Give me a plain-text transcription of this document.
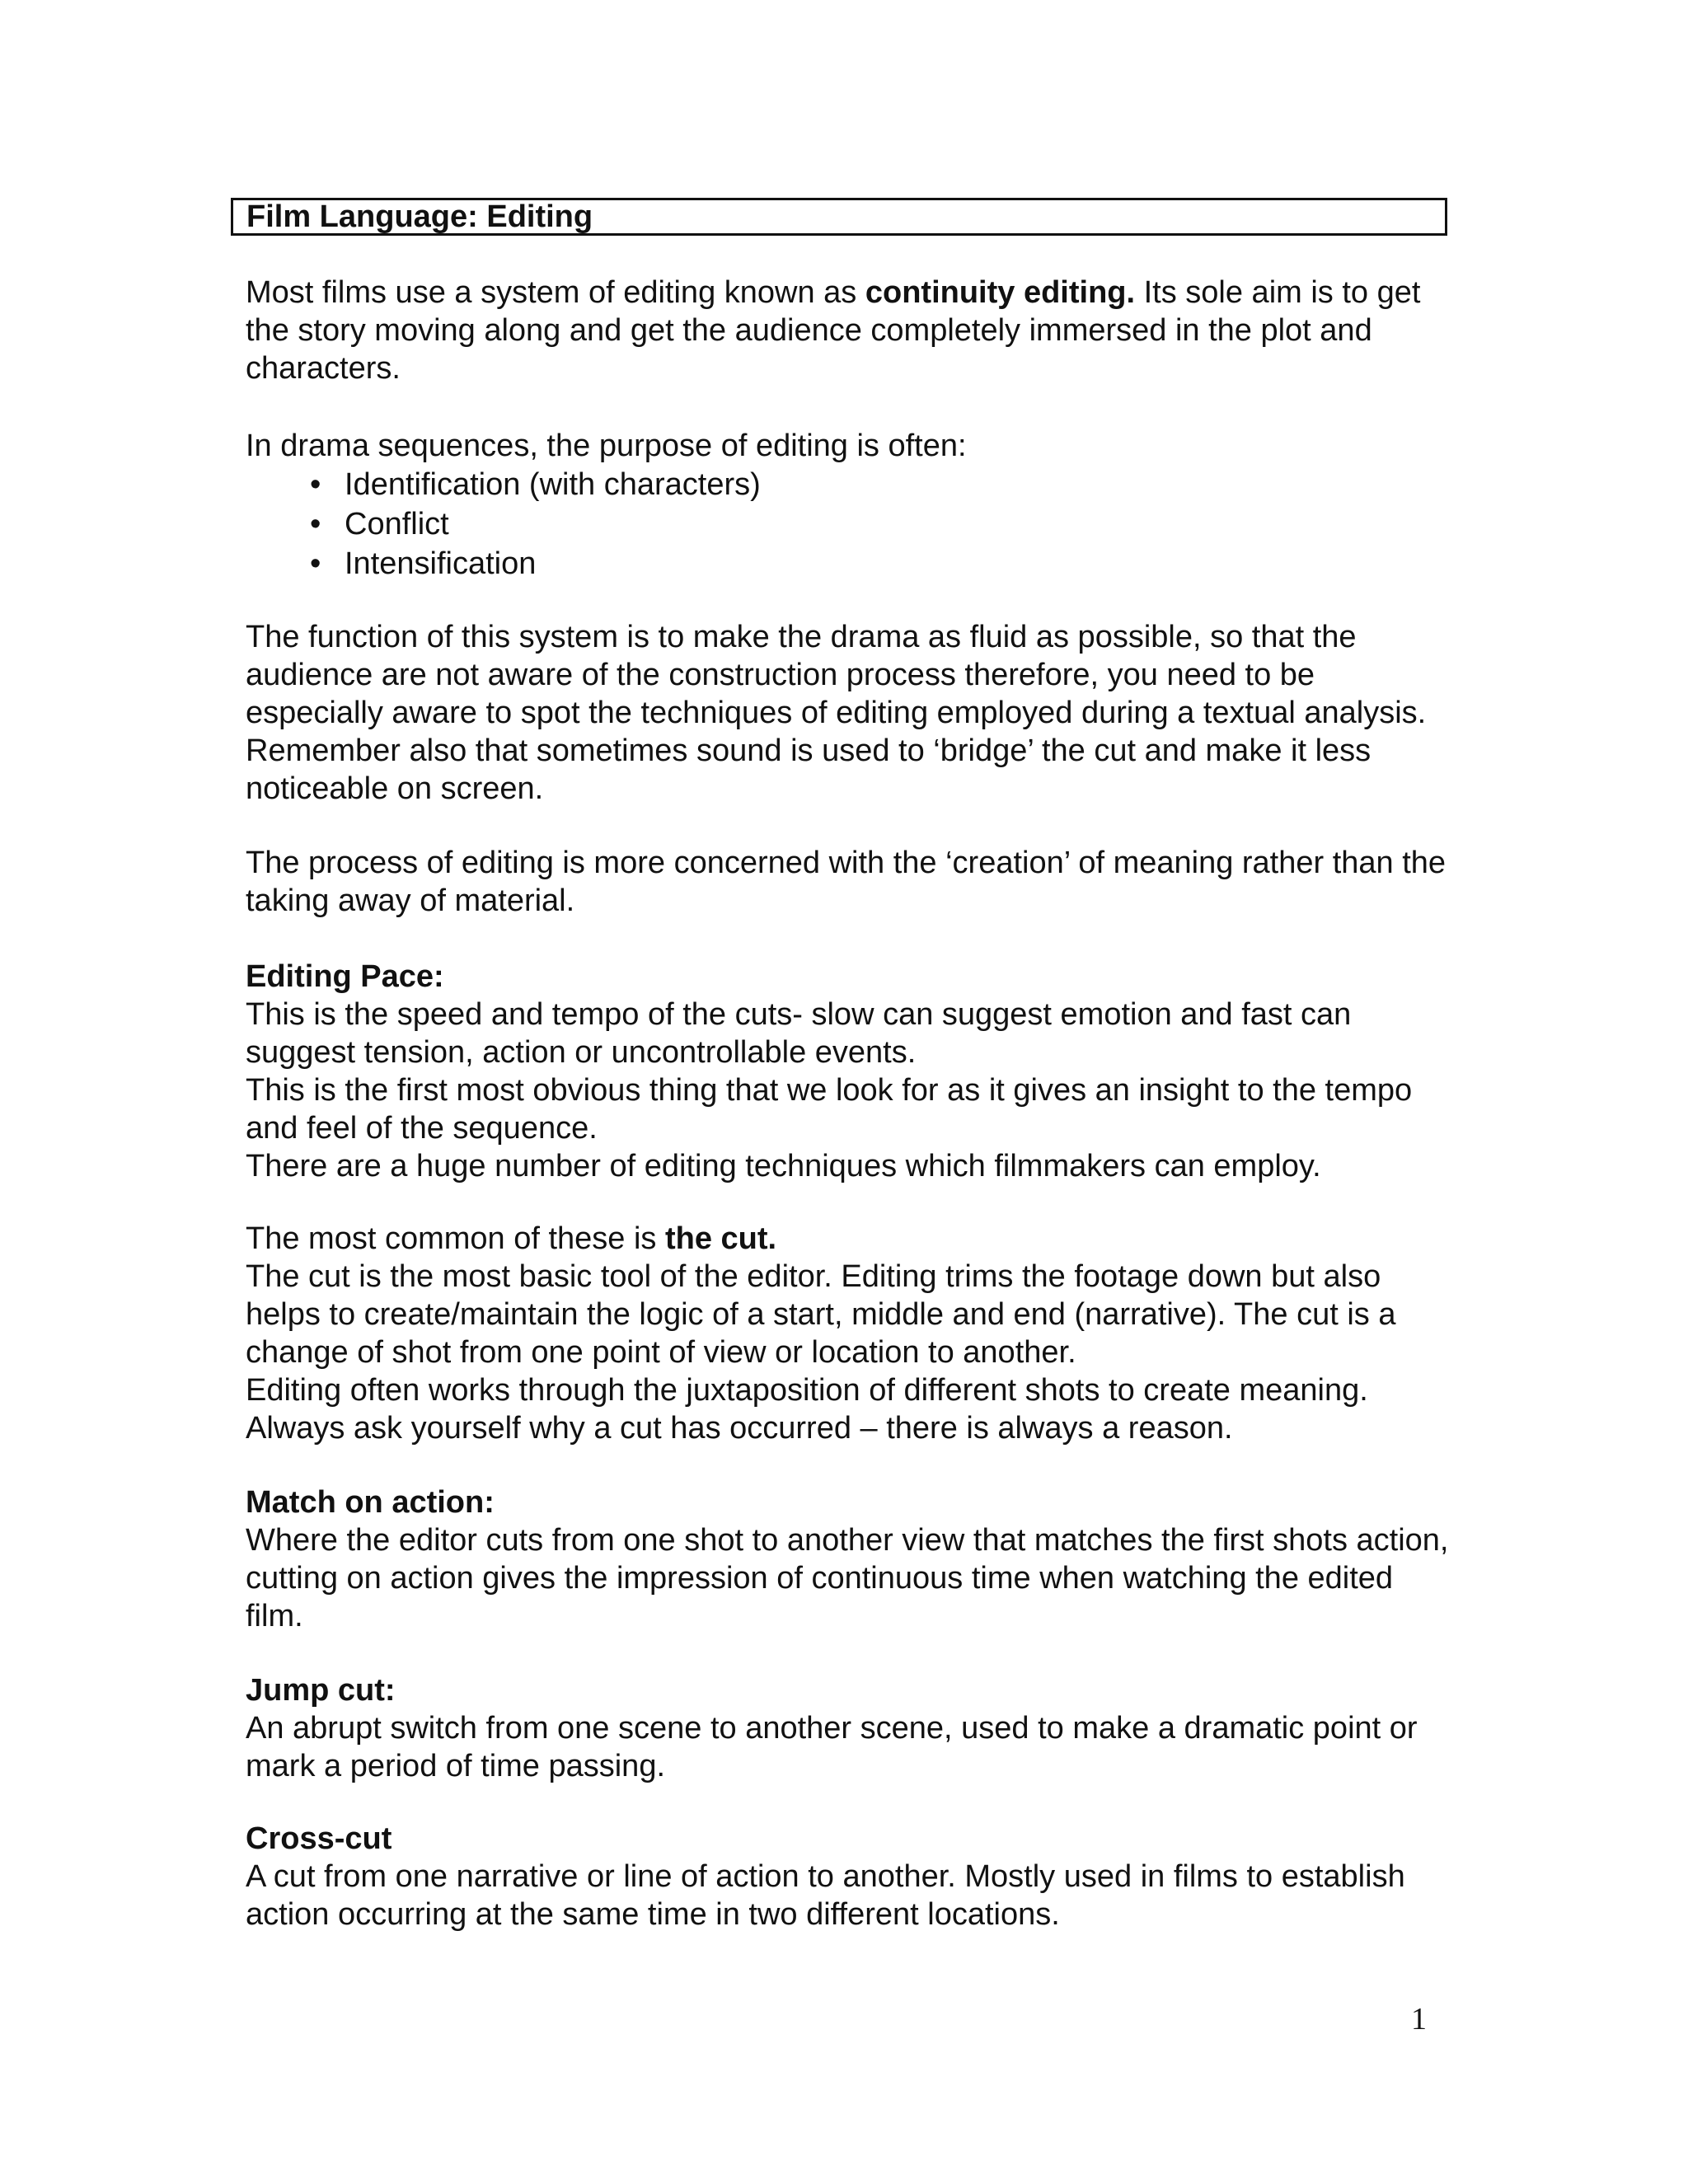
Film Language: Editing

Most films use a system of editing known as continuity editing. Its sole aim is to get the story moving along and get the audience completely immersed in the plot and characters.

In drama sequences, the purpose of editing is often:

• Identification (with characters)
• Conflict
• Intensification

The function of this system is to make the drama as fluid as possible, so that the audience are not aware of the construction process therefore, you need to be especially aware to spot the techniques of editing employed during a textual analysis. Remember also that sometimes sound is used to ‘bridge’ the cut and make it less noticeable on screen.

The process of editing is more concerned with the ‘creation’ of meaning rather than the taking away of material.

Editing Pace:

This is the speed and tempo of the cuts- slow can suggest emotion and fast can suggest tension, action or uncontrollable events.

This is the first most obvious thing that we look for as it gives an insight to the tempo and feel of the sequence.

There are a huge number of editing techniques which filmmakers can employ.

The most common of these is the cut.

The cut is the most basic tool of the editor. Editing trims the footage down but also helps to create/maintain the logic of a start, middle and end (narrative). The cut is a change of shot from one point of view or location to another.

Editing often works through the juxtaposition of different shots to create meaning.

Always ask yourself why a cut has occurred – there is always a reason.

Match on action:

Where the editor cuts from one shot to another view that matches the first shots action, cutting on action gives the impression of continuous time when watching the edited film.

Jump cut:

An abrupt switch from one scene to another scene, used to make a dramatic point or mark a period of time passing.

Cross-cut

A cut from one narrative or line of action to another. Mostly used in films to establish action occurring at the same time in two different locations.

1
